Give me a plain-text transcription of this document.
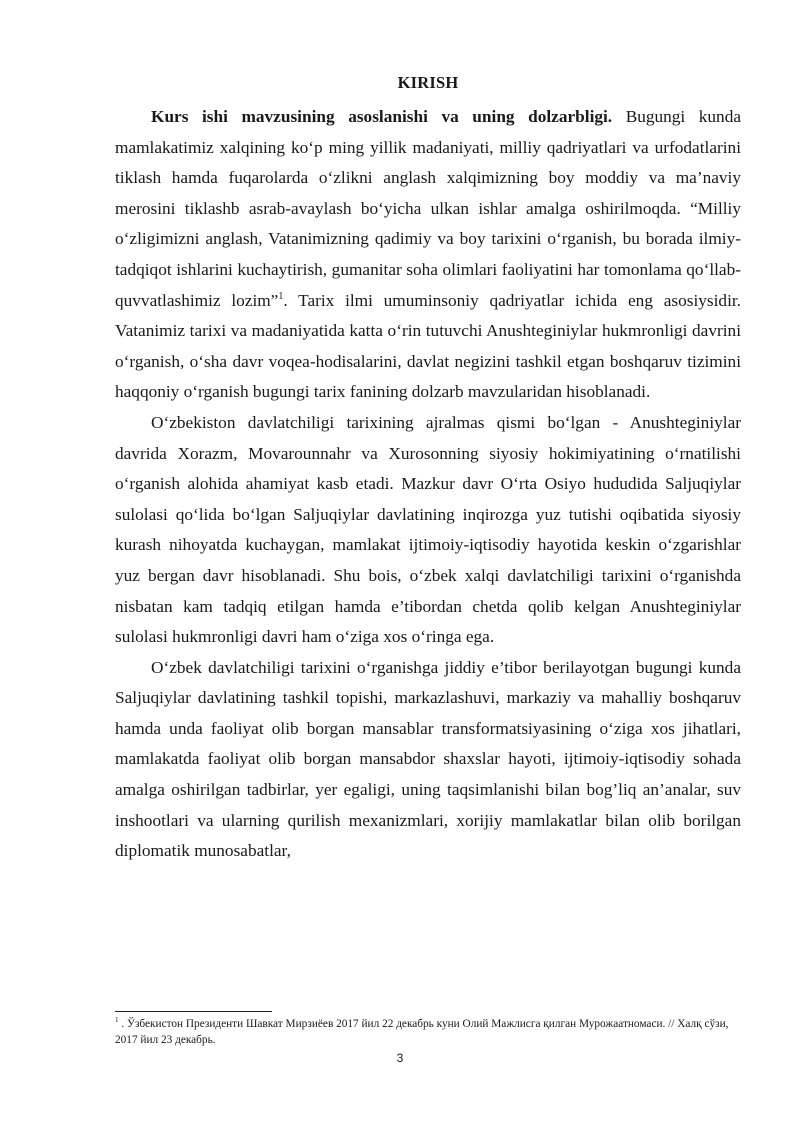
KIRISH

Kurs ishi mavzusining asoslanishi va uning dolzarbligi. Bugungi kunda mamlakatimiz xalqining ko‘p ming yillik madaniyati, milliy qadriyatlari va urfodatlarini tiklash hamda fuqarolarda o‘zlikni anglash xalqimizning boy moddiy va ma’naviy merosini tiklashb asrab-avaylash bo‘yicha ulkan ishlar amalga oshirilmoqda. “Milliy o‘zligimizni anglash, Vatanimizning qadimiy va boy tarixini o‘rganish, bu borada ilmiy-tadqiqot ishlarini kuchaytirish, gumanitar soha olimlari faoliyatini har tomonlama qo‘llab-quvvatlashimiz lozim”$^1$. Tarix ilmi umuminsoniy qadriyatlar ichida eng asosiysidir. Vatanimiz tarixi va madaniyatida katta o‘rin tutuvchi Anushteginiylar hukmronligi davrini o‘rganish, o‘sha davr voqea-hodisalarini, davlat negizini tashkil etgan boshqaruv tizimini haqqoniy o‘rganish bugungi tarix fanining dolzarb mavzularidan hisoblanadi.

O‘zbekiston davlatchiligi tarixining ajralmas qismi bo‘lgan - Anushteginiylar davrida Xorazm, Movarounnahr va Xurosonning siyosiy hokimiyatining o‘rnatilishi o‘rganish alohida ahamiyat kasb etadi. Mazkur davr O‘rta Osiyo hududida Saljuqiylar sulolasi qo‘lida bo‘lgan Saljuqiylar davlatining inqirozga yuz tutishi oqibatida siyosiy kurash nihoyatda kuchaygan, mamlakat ijtimoiy-iqtisodiy hayotida keskin o‘zgarishlar yuz bergan davr hisoblanadi. Shu bois, o‘zbek xalqi davlatchiligi tarixini o‘rganishda nisbatan kam tadqiq etilgan hamda e’tibordan chetda qolib kelgan Anushteginiylar sulolasi hukmronligi davri ham o‘ziga xos o‘ringa ega.

O‘zbek davlatchiligi tarixini o‘rganishga jiddiy e’tibor berilayotgan bugungi kunda Saljuqiylar davlatining tashkil topishi, markazlashuvi, markaziy va mahalliy boshqaruv hamda unda faoliyat olib borgan mansablar transformatsiyasining o‘ziga xos jihatlari, mamlakatda faoliyat olib borgan mansabdor shaxslar hayoti, ijtimoiy-iqtisodiy sohada amalga oshirilgan tadbirlar, yer egaligi, uning taqsimlanishi bilan bog’liq an’analar, suv inshootlari va ularning qurilish mexanizmlari, xorijiy mamlakatlar bilan olib borilgan diplomatik munosabatlar,

$^1$ . Ўзбекистон Президенти Шавкат Мирзиёев 2017 йил 22 декабрь куни Олий Мажлисга қилган Мурожаатномаси. // Халқ сўзи, 2017 йил 23 декабрь.
3
